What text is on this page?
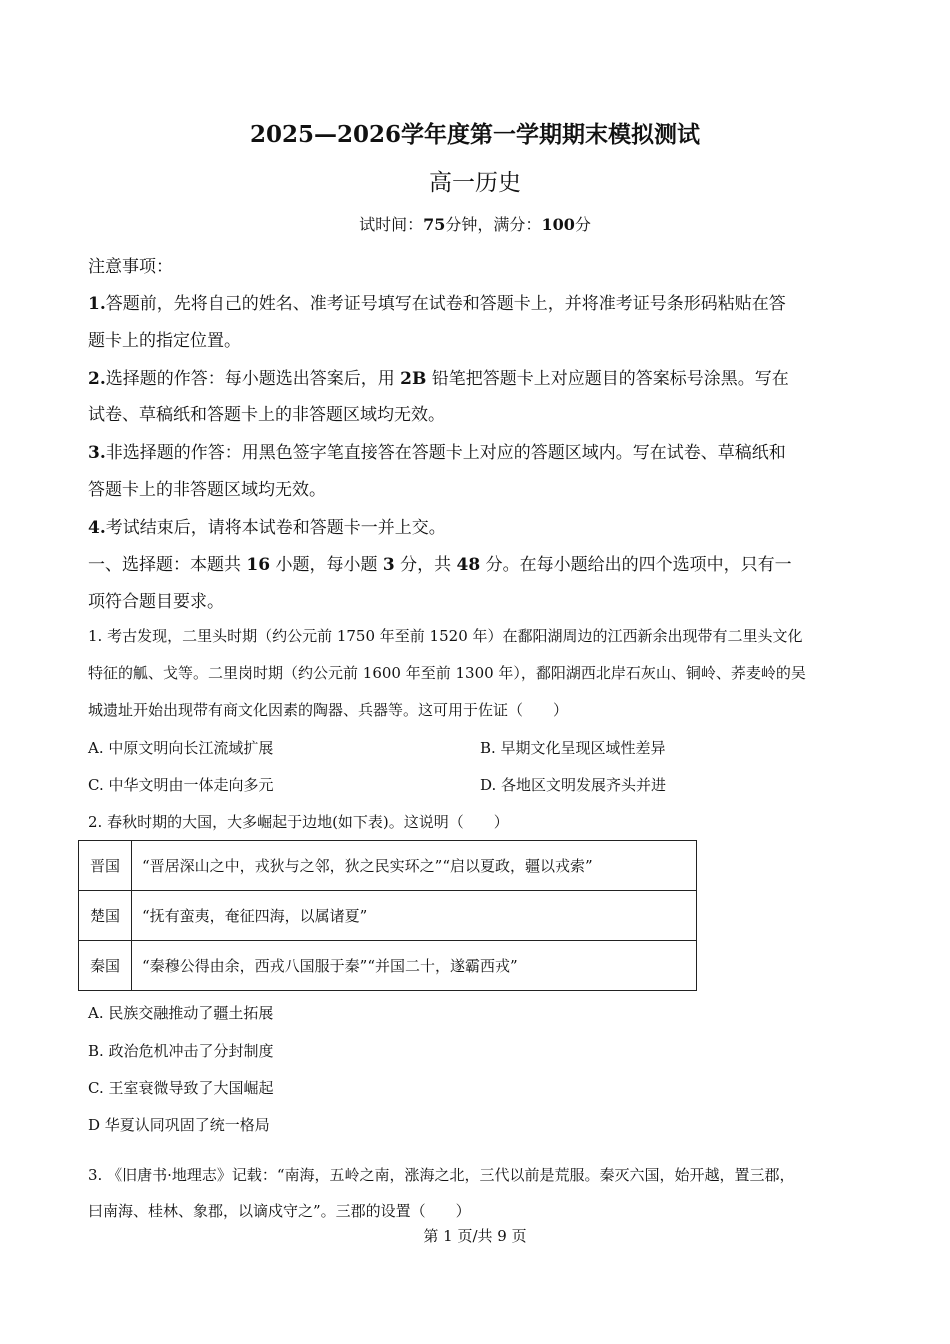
2025—2026学年度第一学期期末模拟测试
高一历史
试时间：75分钟，满分：100分
注意事项：
1.答题前，先将自己的姓名、准考证号填写在试卷和答题卡上，并将准考证号条形码粘贴在答
题卡上的指定位置。
2.选择题的作答：每小题选出答案后，用 2B 铅笔把答题卡上对应题目的答案标号涂黑。写在
试卷、草稿纸和答题卡上的非答题区域均无效。
3.非选择题的作答：用黑色签字笔直接答在答题卡上对应的答题区域内。写在试卷、草稿纸和
答题卡上的非答题区域均无效。
4.考试结束后，请将本试卷和答题卡一并上交。
一、选择题：本题共 16 小题，每小题 3 分，共 48 分。在每小题给出的四个选项中，只有一
项符合题目要求。
1. 考古发现，二里头时期（约公元前 1750 年至前 1520 年）在鄱阳湖周边的江西新余出现带有二里头文化
特征的觚、戈等。二里岗时期（约公元前 1600 年至前 1300 年），鄱阳湖西北岸石灰山、铜岭、荞麦岭的吴
城遗址开始出现带有商文化因素的陶器、兵器等。这可用于佐证（　　）
A. 中原文明向长江流域扩展	B. 早期文化呈现区域性差异
C. 中华文明由一体走向多元	D. 各地区文明发展齐头并进
2. 春秋时期的大国，大多崛起于边地(如下表)。这说明（　　）
晋国	“晋居深山之中，戎狄与之邻，狄之民实环之”“启以夏政，疆以戎索”
楚国	“抚有蛮夷，奄征四海，以属诸夏”
秦国	“秦穆公得由余，西戎八国服于秦”“并国二十，遂霸西戎”
A. 民族交融推动了疆土拓展
B. 政治危机冲击了分封制度
C. 王室衰微导致了大国崛起
D 华夏认同巩固了统一格局
3. 《旧唐书·地理志》记载：“南海，五岭之南，涨海之北，三代以前是荒服。秦灭六国，始开越，置三郡，
曰南海、桂林、象郡，以谪戍守之”。三郡的设置（　　）
第 1 页/共 9 页
